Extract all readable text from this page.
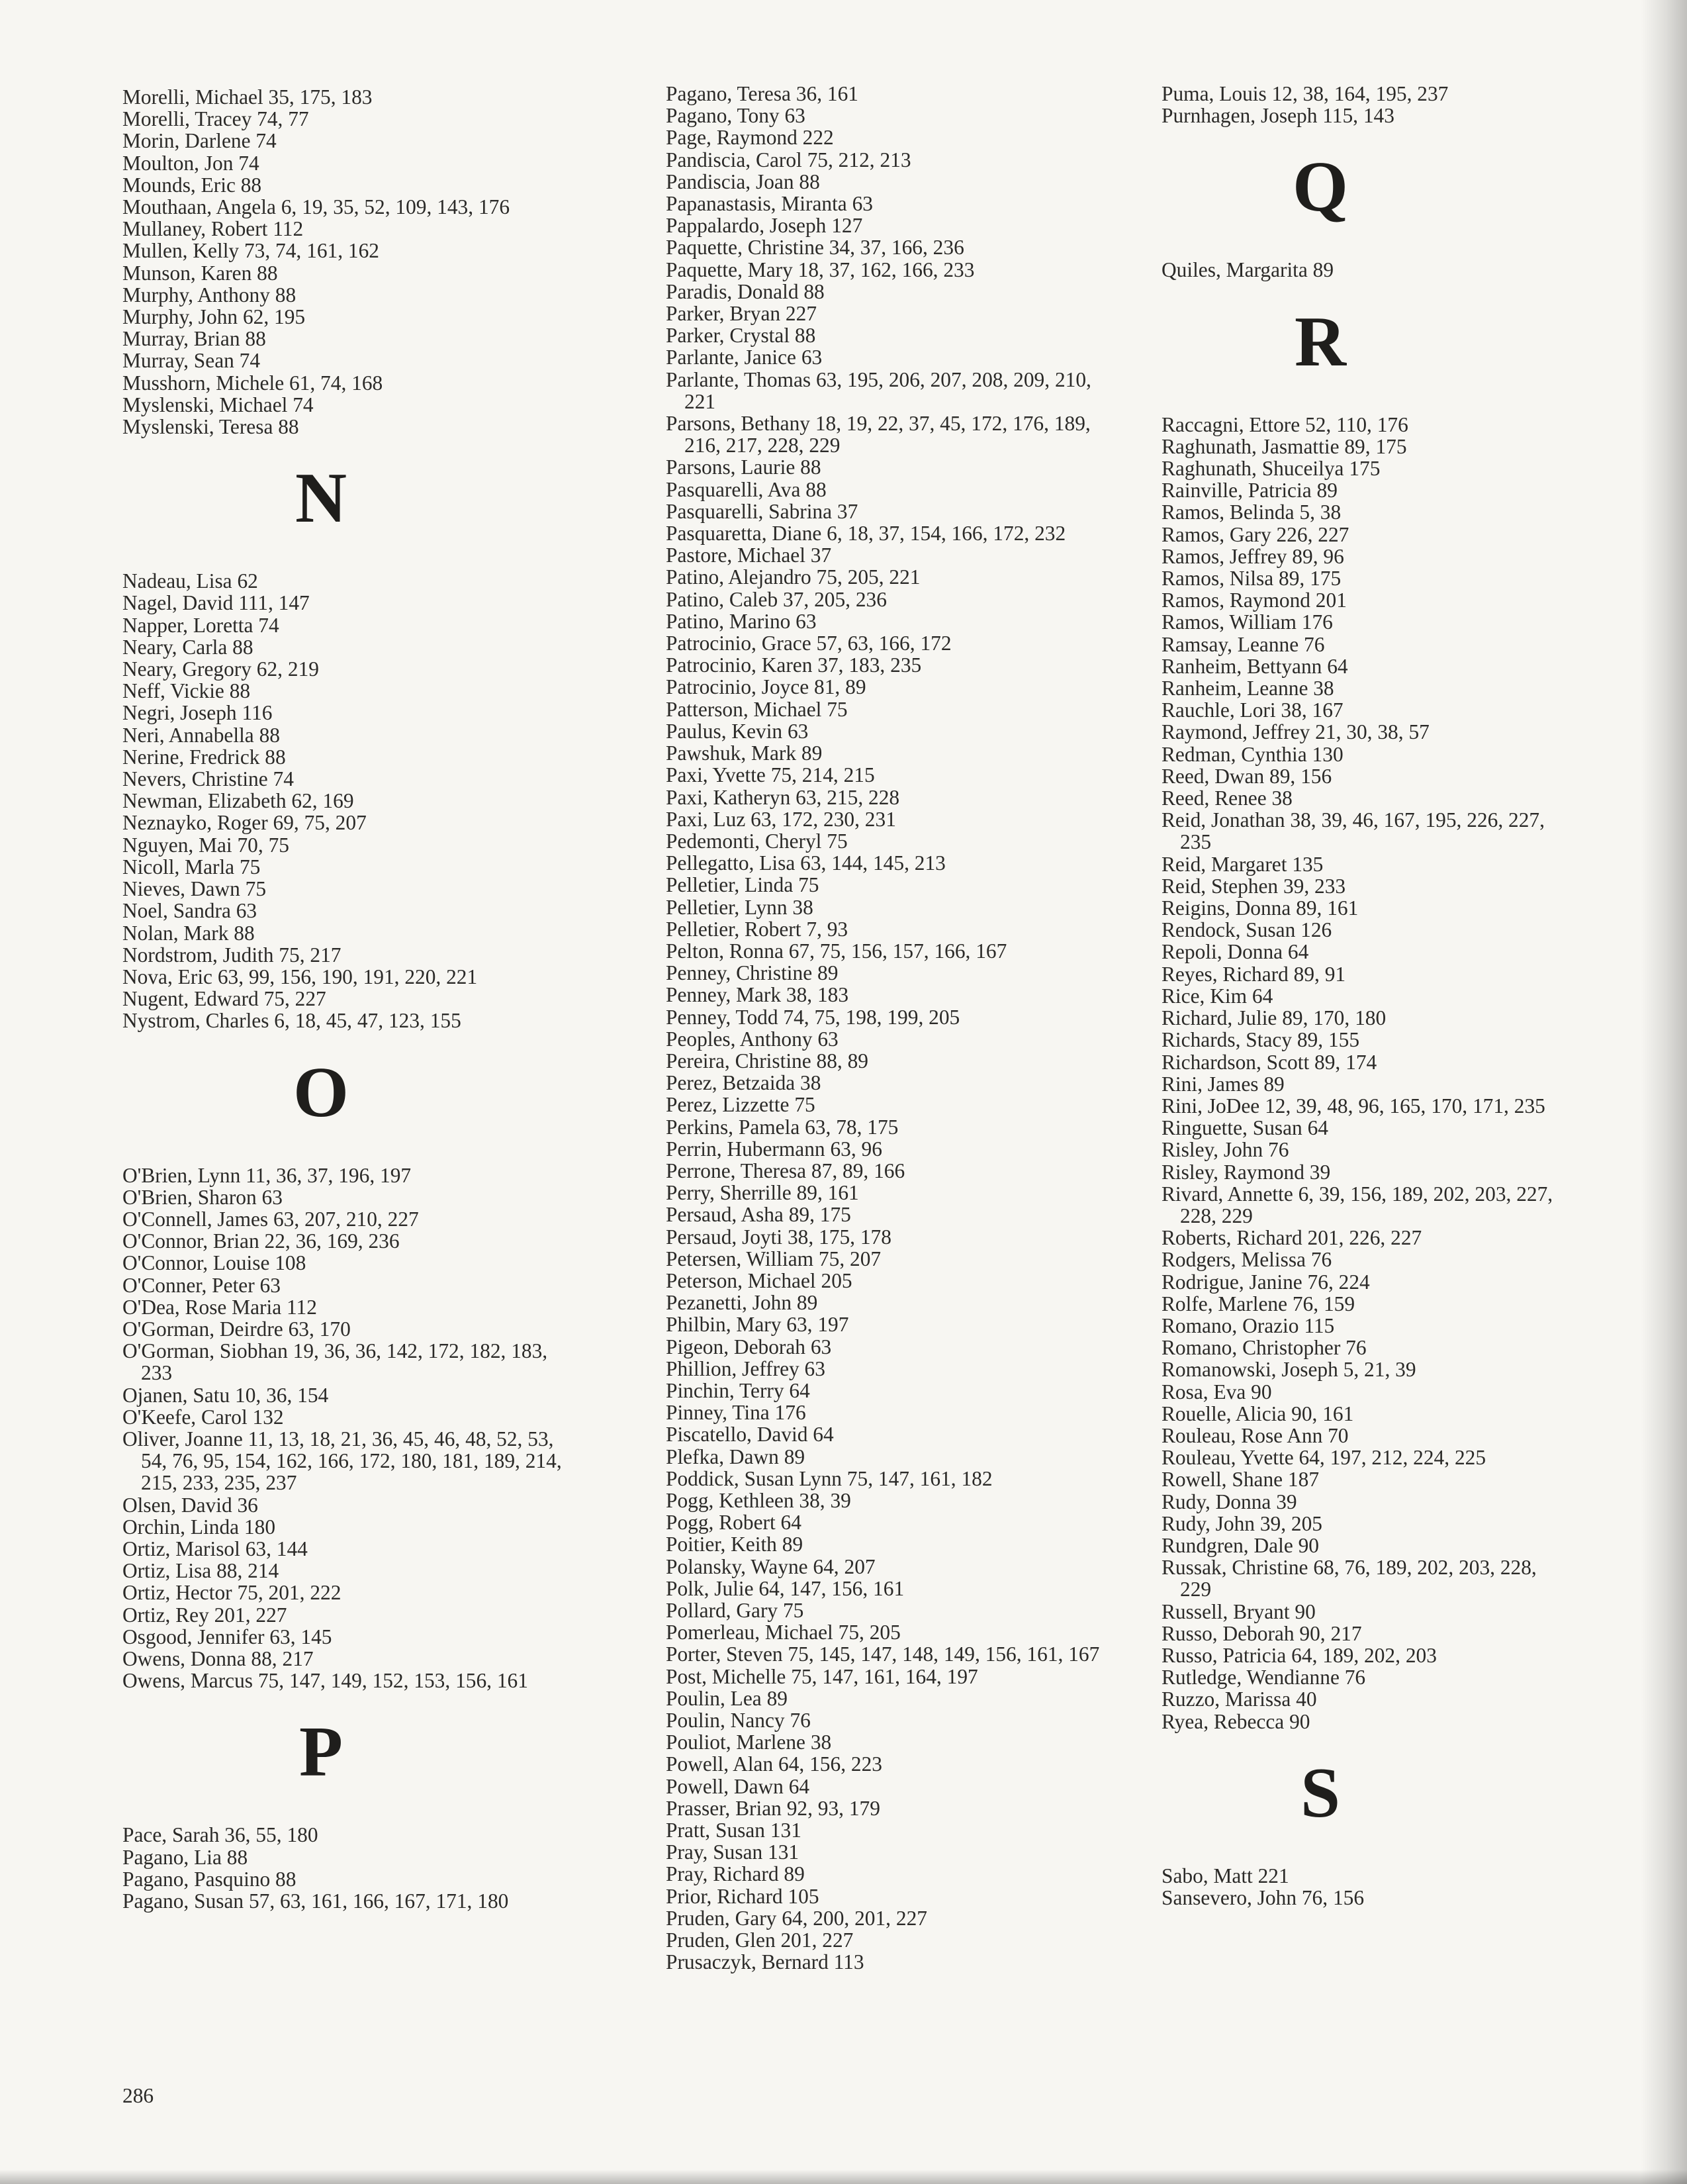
Morelli, Michael 35, 175, 183
Morelli, Tracey 74, 77
Morin, Darlene 74
Moulton, Jon 74
Mounds, Eric 88
Mouthaan, Angela 6, 19, 35, 52, 109, 143, 176
Mullaney, Robert 112
Mullen, Kelly 73, 74, 161, 162
Munson, Karen 88
Murphy, Anthony 88
Murphy, John 62, 195
Murray, Brian 88
Murray, Sean 74
Musshorn, Michele 61, 74, 168
Myslenski, Michael 74
Myslenski, Teresa 88
N
Nadeau, Lisa 62
Nagel, David 111, 147
Napper, Loretta 74
Neary, Carla 88
Neary, Gregory 62, 219
Neff, Vickie 88
Negri, Joseph 116
Neri, Annabella 88
Nerine, Fredrick 88
Nevers, Christine 74
Newman, Elizabeth 62, 169
Neznayko, Roger 69, 75, 207
Nguyen, Mai 70, 75
Nicoll, Marla 75
Nieves, Dawn 75
Noel, Sandra 63
Nolan, Mark 88
Nordstrom, Judith 75, 217
Nova, Eric 63, 99, 156, 190, 191, 220, 221
Nugent, Edward 75, 227
Nystrom, Charles 6, 18, 45, 47, 123, 155
O
O'Brien, Lynn 11, 36, 37, 196, 197
O'Brien, Sharon 63
O'Connell, James 63, 207, 210, 227
O'Connor, Brian 22, 36, 169, 236
O'Connor, Louise 108
O'Conner, Peter 63
O'Dea, Rose Maria 112
O'Gorman, Deirdre 63, 170
O'Gorman, Siobhan 19, 36, 36, 142, 172, 182, 183, 233
Ojanen, Satu 10, 36, 154
O'Keefe, Carol 132
Oliver, Joanne 11, 13, 18, 21, 36, 45, 46, 48, 52, 53, 54, 76, 95, 154, 162, 166, 172, 180, 181, 189, 214, 215, 233, 235, 237
Olsen, David 36
Orchin, Linda 180
Ortiz, Marisol 63, 144
Ortiz, Lisa 88, 214
Ortiz, Hector 75, 201, 222
Ortiz, Rey 201, 227
Osgood, Jennifer 63, 145
Owens, Donna 88, 217
Owens, Marcus 75, 147, 149, 152, 153, 156, 161
P
Pace, Sarah 36, 55, 180
Pagano, Lia 88
Pagano, Pasquino 88
Pagano, Susan 57, 63, 161, 166, 167, 171, 180
Pagano, Teresa 36, 161
Pagano, Tony 63
Page, Raymond 222
Pandiscia, Carol 75, 212, 213
Pandiscia, Joan 88
Papanastasis, Miranta 63
Pappalardo, Joseph 127
Paquette, Christine 34, 37, 166, 236
Paquette, Mary 18, 37, 162, 166, 233
Paradis, Donald 88
Parker, Bryan 227
Parker, Crystal 88
Parlante, Janice 63
Parlante, Thomas 63, 195, 206, 207, 208, 209, 210, 221
Parsons, Bethany 18, 19, 22, 37, 45, 172, 176, 189, 216, 217, 228, 229
Parsons, Laurie 88
Pasquarelli, Ava 88
Pasquarelli, Sabrina 37
Pasquaretta, Diane 6, 18, 37, 154, 166, 172, 232
Pastore, Michael 37
Patino, Alejandro 75, 205, 221
Patino, Caleb 37, 205, 236
Patino, Marino 63
Patrocinio, Grace 57, 63, 166, 172
Patrocinio, Karen 37, 183, 235
Patrocinio, Joyce 81, 89
Patterson, Michael 75
Paulus, Kevin 63
Pawshuk, Mark 89
Paxi, Yvette 75, 214, 215
Paxi, Katheryn 63, 215, 228
Paxi, Luz 63, 172, 230, 231
Pedemonti, Cheryl 75
Pellegatto, Lisa 63, 144, 145, 213
Pelletier, Linda 75
Pelletier, Lynn 38
Pelletier, Robert 7, 93
Pelton, Ronna 67, 75, 156, 157, 166, 167
Penney, Christine 89
Penney, Mark 38, 183
Penney, Todd 74, 75, 198, 199, 205
Peoples, Anthony 63
Pereira, Christine 88, 89
Perez, Betzaida 38
Perez, Lizzette 75
Perkins, Pamela 63, 78, 175
Perrin, Hubermann 63, 96
Perrone, Theresa 87, 89, 166
Perry, Sherrille 89, 161
Persaud, Asha 89, 175
Persaud, Joyti 38, 175, 178
Petersen, William 75, 207
Peterson, Michael 205
Pezanetti, John 89
Philbin, Mary 63, 197
Pigeon, Deborah 63
Phillion, Jeffrey 63
Pinchin, Terry 64
Pinney, Tina 176
Piscatello, David 64
Plefka, Dawn 89
Poddick, Susan Lynn 75, 147, 161, 182
Pogg, Kethleen 38, 39
Pogg, Robert 64
Poitier, Keith 89
Polansky, Wayne 64, 207
Polk, Julie 64, 147, 156, 161
Pollard, Gary 75
Pomerleau, Michael 75, 205
Porter, Steven 75, 145, 147, 148, 149, 156, 161, 167
Post, Michelle 75, 147, 161, 164, 197
Poulin, Lea 89
Poulin, Nancy 76
Pouliot, Marlene 38
Powell, Alan 64, 156, 223
Powell, Dawn 64
Prasser, Brian 92, 93, 179
Pratt, Susan 131
Pray, Susan 131
Pray, Richard 89
Prior, Richard 105
Pruden, Gary 64, 200, 201, 227
Pruden, Glen 201, 227
Prusaczyk, Bernard 113
Puma, Louis 12, 38, 164, 195, 237
Purnhagen, Joseph 115, 143
Q
Quiles, Margarita 89
R
Raccagni, Ettore 52, 110, 176
Raghunath, Jasmattie 89, 175
Raghunath, Shuceilya 175
Rainville, Patricia 89
Ramos, Belinda 5, 38
Ramos, Gary 226, 227
Ramos, Jeffrey 89, 96
Ramos, Nilsa 89, 175
Ramos, Raymond 201
Ramos, William 176
Ramsay, Leanne 76
Ranheim, Bettyann 64
Ranheim, Leanne 38
Rauchle, Lori 38, 167
Raymond, Jeffrey 21, 30, 38, 57
Redman, Cynthia 130
Reed, Dwan 89, 156
Reed, Renee 38
Reid, Jonathan 38, 39, 46, 167, 195, 226, 227, 235
Reid, Margaret 135
Reid, Stephen 39, 233
Reigins, Donna 89, 161
Rendock, Susan 126
Repoli, Donna 64
Reyes, Richard 89, 91
Rice, Kim 64
Richard, Julie 89, 170, 180
Richards, Stacy 89, 155
Richardson, Scott 89, 174
Rini, James 89
Rini, JoDee 12, 39, 48, 96, 165, 170, 171, 235
Ringuette, Susan 64
Risley, John 76
Risley, Raymond 39
Rivard, Annette 6, 39, 156, 189, 202, 203, 227, 228, 229
Roberts, Richard 201, 226, 227
Rodgers, Melissa 76
Rodrigue, Janine 76, 224
Rolfe, Marlene 76, 159
Romano, Orazio 115
Romano, Christopher 76
Romanowski, Joseph 5, 21, 39
Rosa, Eva 90
Rouelle, Alicia 90, 161
Rouleau, Rose Ann 70
Rouleau, Yvette 64, 197, 212, 224, 225
Rowell, Shane 187
Rudy, Donna 39
Rudy, John 39, 205
Rundgren, Dale 90
Russak, Christine 68, 76, 189, 202, 203, 228, 229
Russell, Bryant 90
Russo, Deborah 90, 217
Russo, Patricia 64, 189, 202, 203
Rutledge, Wendianne 76
Ruzzo, Marissa 40
Ryea, Rebecca 90
S
Sabo, Matt 221
Sansevero, John 76, 156
286
